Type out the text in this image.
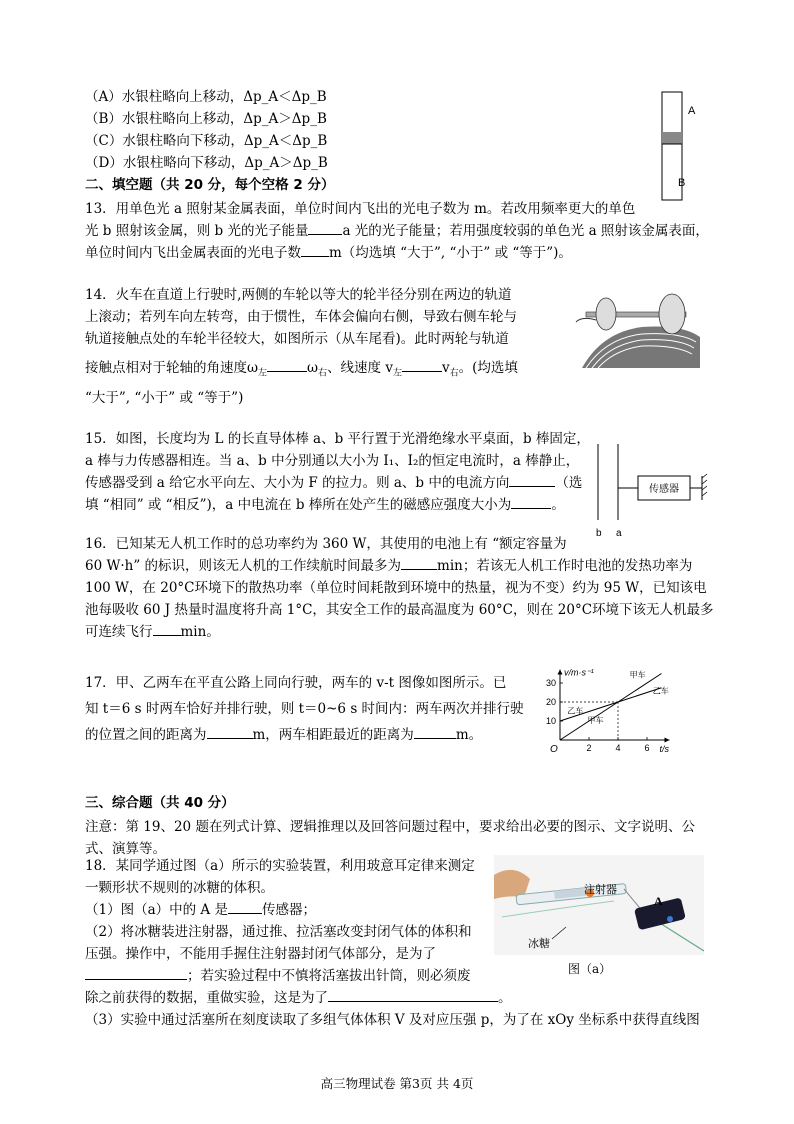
（A）水银柱略向上移动，Δp_A＜Δp_B
（B）水银柱略向上移动，Δp_A＞Δp_B
（C）水银柱略向下移动，Δp_A＜Δp_B
（D）水银柱略向下移动，Δp_A＞Δp_B
A
B
二、填空题（共 20 分，每个空格 2 分）
13．用单色光 a 照射某金属表面，单位时间内飞出的光电子数为 m。若改用频率更大的单色
光 b 照射该金属，则 b 光的光子能量	a 光的光子能量；若用强度较弱的单色光 a 照射该金属表面，
单位时间内飞出金属表面的光电子数 m（均选填 “大于”, “小于” 或 “等于”)。
14．火车在直道上行驶时,两侧的车轮以等大的轮半径分别在两边的轨道
上滚动；若列车向左转弯，由于惯性，车体会偏向右侧，导致右侧车轮与
轨道接触点处的车轮半径较大，如图所示（从车尾看)。此时两轮与轨道
接触点相对于轮轴的角速度$\omega_左$	$\omega_右$、线速度 $v_左$	$v_右$。(均选填
“大于”, “小于” 或 “等于”)
15．如图，长度均为 L 的长直导体棒 a、b 平行置于光滑绝缘水平桌面，b 棒固定，
a 棒与力传感器相连。当 a、b 中分别通以大小为 I₁、I₂的恒定电流时，a 棒静止，
传感器受到 a 给它水平向左、大小为 F 的拉力。则 a、b 中的电流方向	（选
填 “相同” 或 “相反”)，a 中电流在 b 棒所在处产生的磁感应强度大小为	。
传感器
b a
16．已知某无人机工作时的总功率约为 360 W，其使用的电池上有 “额定容量为
60 W·h” 的标识，则该无人机的工作续航时间最多为	min；若该无人机工作时电池的发热功率为
100 W，在 20°C环境下的散热功率（单位时间耗散到环境中的热量，视为不变）约为 95 W，已知该电
池每吸收 60 J 热量时温度将升高 1°C，其安全工作的最高温度为 60°C，则在 20°C环境下该无人机最多
可连续飞行 min。
17．甲、乙两车在平直公路上同向行驶，两车的 v-t 图像如图所示。已
知 t＝6 s 时两车恰好并排行驶，则 t＝0~6 s 时间内：两车两次并排行驶
的位置之间的距离为	m，两车相距最近的距离为	m。
v/m·s⁻¹
t/s
O	2	4	6
10
20
30
甲车
甲车
乙车
乙车
三、综合题（共 40 分）
注意：第 19、20 题在列式计算、逻辑推理以及回答问题过程中，要求给出必要的图示、文字说明、公
式、演算等。
18．某同学通过图（a）所示的实验装置，利用玻意耳定律来测定
一颗形状不规则的冰糖的体积。
（1）图（a）中的 A 是	传感器；
（2）将冰糖装进注射器，通过推、拉活塞改变封闭气体的体积和
压强。操作中，不能用手握住注射器封闭气体部分，是为了
；若实验过程中不慎将活塞拔出针筒，则必须废
除之前获得的数据，重做实验，这是为了	。
（3）实验中通过活塞所在刻度读取了多组气体体积 V 及对应压强 p，为了在 xOy 坐标系中获得直线图
注射器
A
冰糖
图（a）
高三物理试卷 第3页 共 4页
